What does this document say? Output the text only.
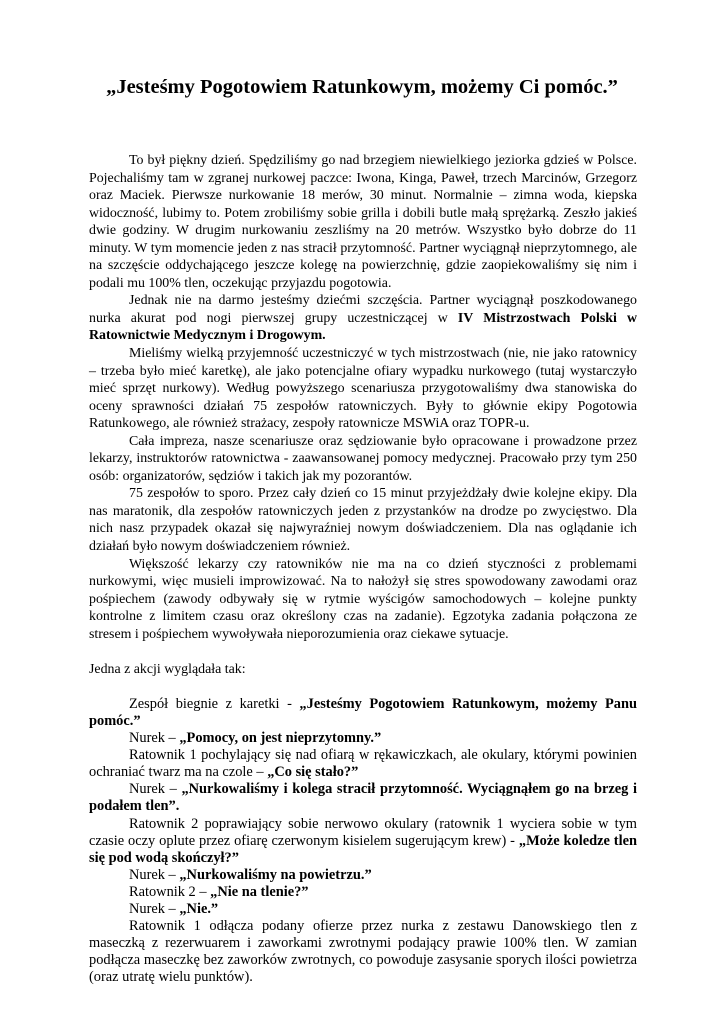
„Jesteśmy Pogotowiem Ratunkowym, możemy Ci pomóc.”

To był piękny dzień. Spędziliśmy go nad brzegiem niewielkiego jeziorka gdzieś w Polsce. Pojechaliśmy tam w zgranej nurkowej paczce: Iwona, Kinga, Paweł, trzech Marcinów, Grzegorz oraz Maciek. Pierwsze nurkowanie 18 merów, 30 minut. Normalnie – zimna woda, kiepska widoczność, lubimy to. Potem zrobiliśmy sobie grilla i dobili butle małą sprężarką. Zeszło jakieś dwie godziny. W drugim nurkowaniu zeszliśmy na 20 metrów. Wszystko było dobrze do 11 minuty. W tym momencie jeden z nas stracił przytomność. Partner wyciągnął nieprzytomnego, ale na szczęście oddychającego jeszcze kolegę na powierzchnię, gdzie zaopiekowaliśmy się nim i podali mu 100% tlen, oczekując przyjazdu pogotowia.

Jednak nie na darmo jesteśmy dziećmi szczęścia. Partner wyciągnął poszkodowanego nurka akurat pod nogi pierwszej grupy uczestniczącej w IV Mistrzostwach Polski w Ratownictwie Medycznym i Drogowym.

Mieliśmy wielką przyjemność uczestniczyć w tych mistrzostwach (nie, nie jako ratownicy – trzeba było mieć karetkę), ale jako potencjalne ofiary wypadku nurkowego (tutaj wystarczyło mieć sprzęt nurkowy). Według powyższego scenariusza przygotowaliśmy dwa stanowiska do oceny sprawności działań 75 zespołów ratowniczych. Były to głównie ekipy Pogotowia Ratunkowego, ale również strażacy, zespoły ratownicze MSWiA oraz TOPR-u.

Cała impreza, nasze scenariusze oraz sędziowanie było opracowane i prowadzone przez lekarzy, instruktorów ratownictwa - zaawansowanej pomocy medycznej. Pracowało przy tym 250 osób: organizatorów, sędziów i takich jak my pozorantów.

75 zespołów to sporo. Przez cały dzień co 15 minut przyjeżdżały dwie kolejne ekipy. Dla nas maratonik, dla zespołów ratowniczych jeden z przystanków na drodze po zwycięstwo. Dla nich nasz przypadek okazał się najwyraźniej nowym doświadczeniem. Dla nas oglądanie ich działań było nowym doświadczeniem również.

Większość lekarzy czy ratowników nie ma na co dzień styczności z problemami nurkowymi, więc musieli improwizować. Na to nałożył się stres spowodowany zawodami oraz pośpiechem (zawody odbywały się w rytmie wyścigów samochodowych – kolejne punkty kontrolne z limitem czasu oraz określony czas na zadanie). Egzotyka zadania połączona ze stresem i pośpiechem wywoływała nieporozumienia oraz ciekawe sytuacje.

Jedna z akcji wyglądała tak:

Zespół biegnie z karetki - „Jesteśmy Pogotowiem Ratunkowym, możemy Panu pomóc.”

Nurek – „Pomocy, on jest nieprzytomny.”

Ratownik 1 pochylający się nad ofiarą w rękawiczkach, ale okulary, którymi powinien ochraniać twarz ma na czole – „Co się stało?”

Nurek – „Nurkowaliśmy i kolega stracił przytomność. Wyciągnąłem go na brzeg i podałem tlen”.

Ratownik 2 poprawiający sobie nerwowo okulary (ratownik 1 wyciera sobie w tym czasie oczy oplute przez ofiarę czerwonym kisielem sugerującym krew) - „Może koledze tlen się pod wodą skończył?”

Nurek – „Nurkowaliśmy na powietrzu.”

Ratownik 2 – „Nie na tlenie?”

Nurek – „Nie.”

Ratownik 1 odłącza podany ofierze przez nurka z zestawu Danowskiego tlen z maseczką z rezerwuarem i zaworkami zwrotnymi podający prawie 100% tlen. W zamian podłącza maseczkę bez zaworków zwrotnych, co powoduje zasysanie sporych ilości powietrza (oraz utratę wielu punktów).
